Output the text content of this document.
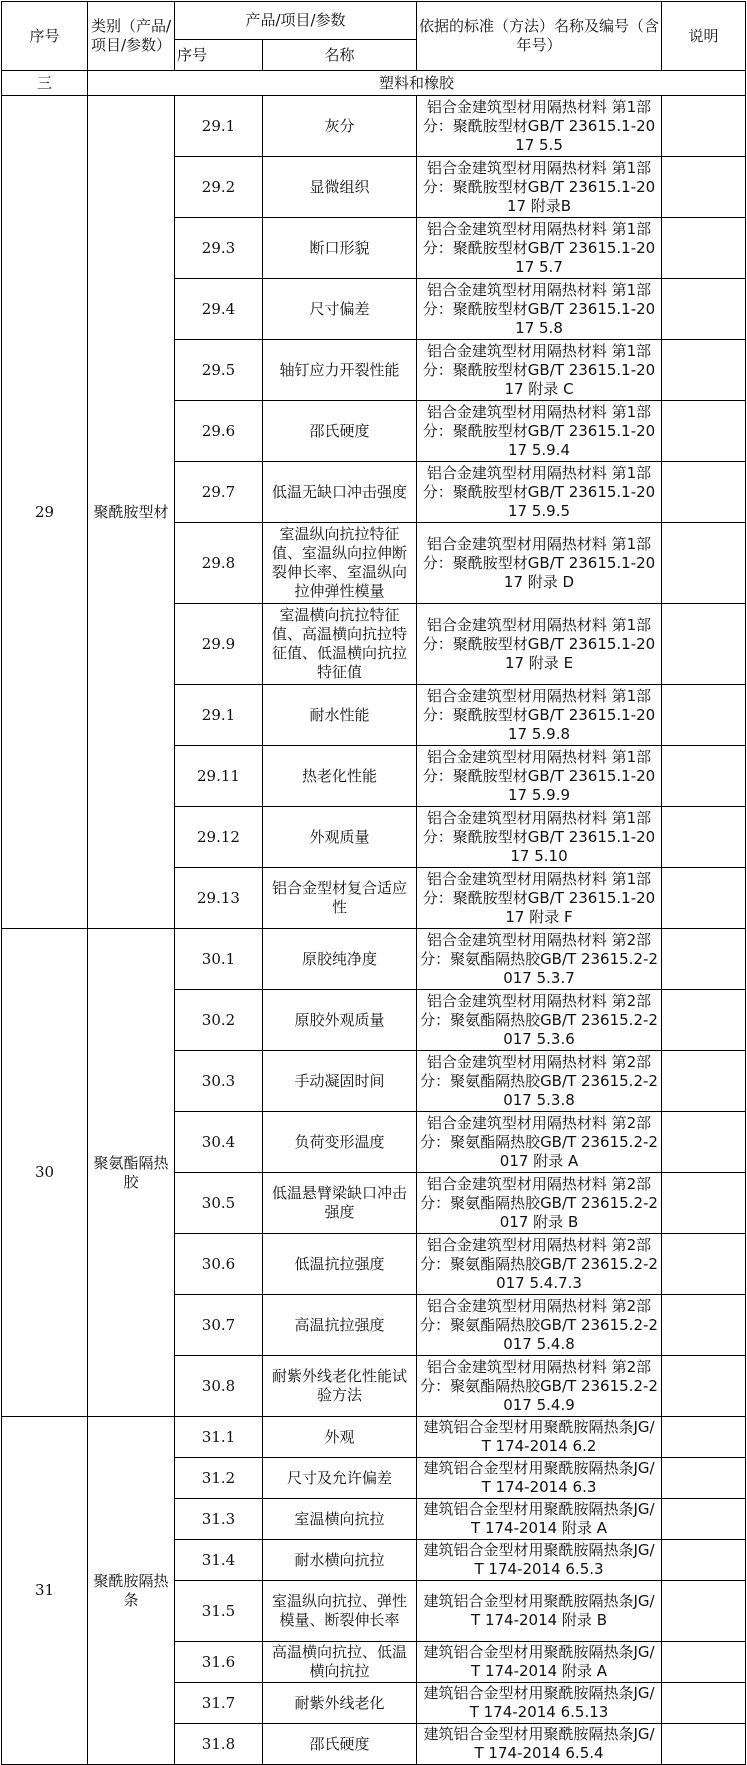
序号	类别（产品/项目/参数）	产品/项目/参数		依据的标准（方法）名称及编号（含年号）	说明
		序号	名称		
三	塑料和橡胶				
29	聚酰胺型材	29.1	灰分	铝合金建筑型材用隔热材料 第1部分：聚酰胺型材GB/T 23615.1-2017 5.5	
		29.2	显微组织	铝合金建筑型材用隔热材料 第1部分：聚酰胺型材GB/T 23615.1-2017 附录B	
		29.3	断口形貌	铝合金建筑型材用隔热材料 第1部分：聚酰胺型材GB/T 23615.1-2017 5.7	
		29.4	尺寸偏差	铝合金建筑型材用隔热材料 第1部分：聚酰胺型材GB/T 23615.1-2017 5.8	
		29.5	轴钉应力开裂性能	铝合金建筑型材用隔热材料 第1部分：聚酰胺型材GB/T 23615.1-2017 附录 C	
		29.6	邵氏硬度	铝合金建筑型材用隔热材料 第1部分：聚酰胺型材GB/T 23615.1-2017 5.9.4	
		29.7	低温无缺口冲击强度	铝合金建筑型材用隔热材料 第1部分：聚酰胺型材GB/T 23615.1-2017 5.9.5	
		29.8	室温纵向抗拉特征值、室温纵向拉伸断裂伸长率、室温纵向拉伸弹性模量	铝合金建筑型材用隔热材料 第1部分：聚酰胺型材GB/T 23615.1-2017 附录 D	
		29.9	室温横向抗拉特征值、高温横向抗拉特征值、低温横向抗拉特征值	铝合金建筑型材用隔热材料 第1部分：聚酰胺型材GB/T 23615.1-2017 附录 E	
		29.1	耐水性能	铝合金建筑型材用隔热材料 第1部分：聚酰胺型材GB/T 23615.1-2017 5.9.8	
		29.11	热老化性能	铝合金建筑型材用隔热材料 第1部分：聚酰胺型材GB/T 23615.1-2017 5.9.9	
		29.12	外观质量	铝合金建筑型材用隔热材料 第1部分：聚酰胺型材GB/T 23615.1-2017 5.10	
		29.13	铝合金型材复合适应性	铝合金建筑型材用隔热材料 第1部分：聚酰胺型材GB/T 23615.1-2017 附录 F	
30	聚氨酯隔热胶	30.1	原胶纯净度	铝合金建筑型材用隔热材料 第2部分：聚氨酯隔热胶GB/T 23615.2-2017 5.3.7	
		30.2	原胶外观质量	铝合金建筑型材用隔热材料 第2部分：聚氨酯隔热胶GB/T 23615.2-2017 5.3.6	
		30.3	手动凝固时间	铝合金建筑型材用隔热材料 第2部分：聚氨酯隔热胶GB/T 23615.2-2017 5.3.8	
		30.4	负荷变形温度	铝合金建筑型材用隔热材料 第2部分：聚氨酯隔热胶GB/T 23615.2-2017 附录 A	
		30.5	低温悬臂梁缺口冲击强度	铝合金建筑型材用隔热材料 第2部分：聚氨酯隔热胶GB/T 23615.2-2017 附录 B	
		30.6	低温抗拉强度	铝合金建筑型材用隔热材料 第2部分：聚氨酯隔热胶GB/T 23615.2-2017 5.4.7.3	
		30.7	高温抗拉强度	铝合金建筑型材用隔热材料 第2部分：聚氨酯隔热胶GB/T 23615.2-2017 5.4.8	
		30.8	耐紫外线老化性能试验方法	铝合金建筑型材用隔热材料 第2部分：聚氨酯隔热胶GB/T 23615.2-2017 5.4.9	
31	聚酰胺隔热条	31.1	外观	建筑铝合金型材用聚酰胺隔热条JG/T 174-2014 6.2	
		31.2	尺寸及允许偏差	建筑铝合金型材用聚酰胺隔热条JG/T 174-2014 6.3	
		31.3	室温横向抗拉	建筑铝合金型材用聚酰胺隔热条JG/T 174-2014 附录 A	
		31.4	耐水横向抗拉	建筑铝合金型材用聚酰胺隔热条JG/T 174-2014 6.5.3	
		31.5	室温纵向抗拉、弹性模量、断裂伸长率	建筑铝合金型材用聚酰胺隔热条JG/T 174-2014 附录 B	
		31.6	高温横向抗拉、低温横向抗拉	建筑铝合金型材用聚酰胺隔热条JG/T 174-2014 附录 A	
		31.7	耐紫外线老化	建筑铝合金型材用聚酰胺隔热条JG/T 174-2014 6.5.13	
		31.8	邵氏硬度	建筑铝合金型材用聚酰胺隔热条JG/T 174-2014 6.5.4	
